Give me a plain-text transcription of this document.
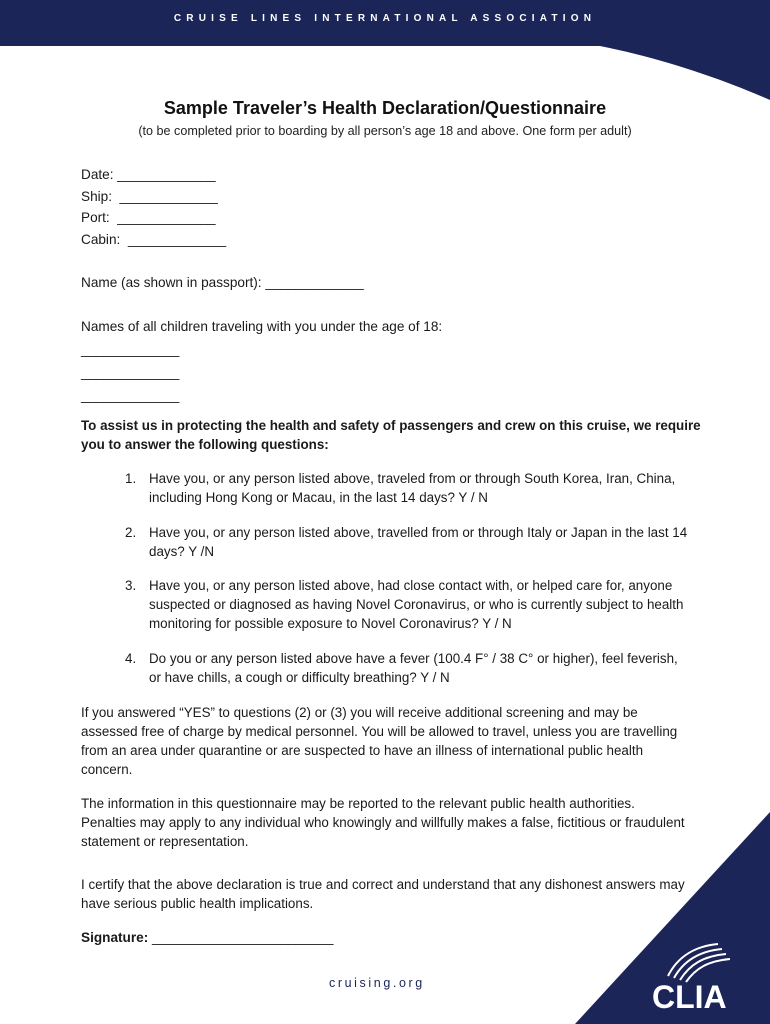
CRUISE LINES INTERNATIONAL ASSOCIATION
Sample Traveler’s Health Declaration/Questionnaire
(to be completed prior to boarding by all person’s age 18 and above. One form per adult)
Date: _____________
Ship:  _____________
Port:  _____________
Cabin:  _____________
Name (as shown in passport): _____________
Names of all children traveling with you under the age of 18:
_____________
_____________
_____________
To assist us in protecting the health and safety of passengers and crew on this cruise, we require you to answer the following questions:
1. Have you, or any person listed above, traveled from or through South Korea, Iran, China, including Hong Kong or Macau, in the last 14 days? Y / N
2. Have you, or any person listed above, travelled from or through Italy or Japan in the last 14 days? Y /N
3. Have you, or any person listed above, had close contact with, or helped care for, anyone suspected or diagnosed as having Novel Coronavirus, or who is currently subject to health monitoring for possible exposure to Novel Coronavirus? Y / N
4. Do you or any person listed above have a fever (100.4 F° / 38 C° or higher), feel feverish, or have chills, a cough or difficulty breathing? Y / N
If you answered “YES” to questions (2) or (3) you will receive additional screening and may be assessed free of charge by medical personnel. You will be allowed to travel, unless you are travelling from an area under quarantine or are suspected to have an illness of international public health concern.
The information in this questionnaire may be reported to the relevant public health authorities. Penalties may apply to any individual who knowingly and willfully makes a false, fictitious or fraudulent statement or representation.
I certify that the above declaration is true and correct and understand that any dishonest answers may have serious public health implications.
Signature: ________________________
cruising.org	CLIA
